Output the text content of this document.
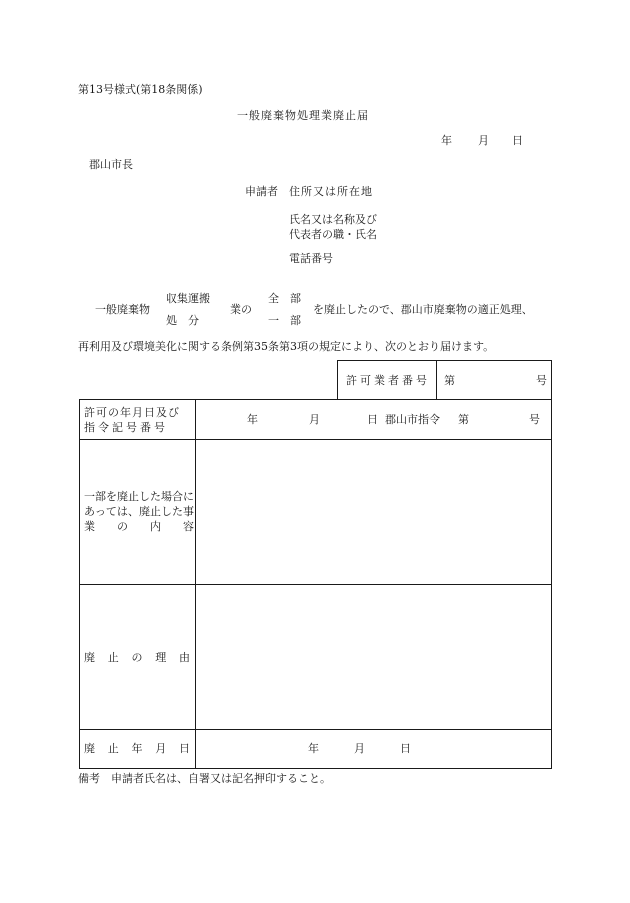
第13号様式(第18条関係)
一般廃棄物処理業廃止届
年 月 日
郡山市長
申請者 住所又は所在地
氏名又は名称及び
代表者の職・氏名
電話番号
一般廃棄物
収集運搬
処　分
業の
全　部
一　部
を廃止したので、郡山市廃棄物の適正処理、
再利用及び環境美化に関する条例第35条第3項の規定により、次のとおり届けます。
許可業者番号 第	号
許可の年月日及び
指令記号番号
年	月	日 郡山市指令 第	号
一部を廃止した場合にあっては、廃止した事業の内容
廃止の理由
廃止年月日	年	月	日
備考　申請者氏名は、自署又は記名押印すること。
